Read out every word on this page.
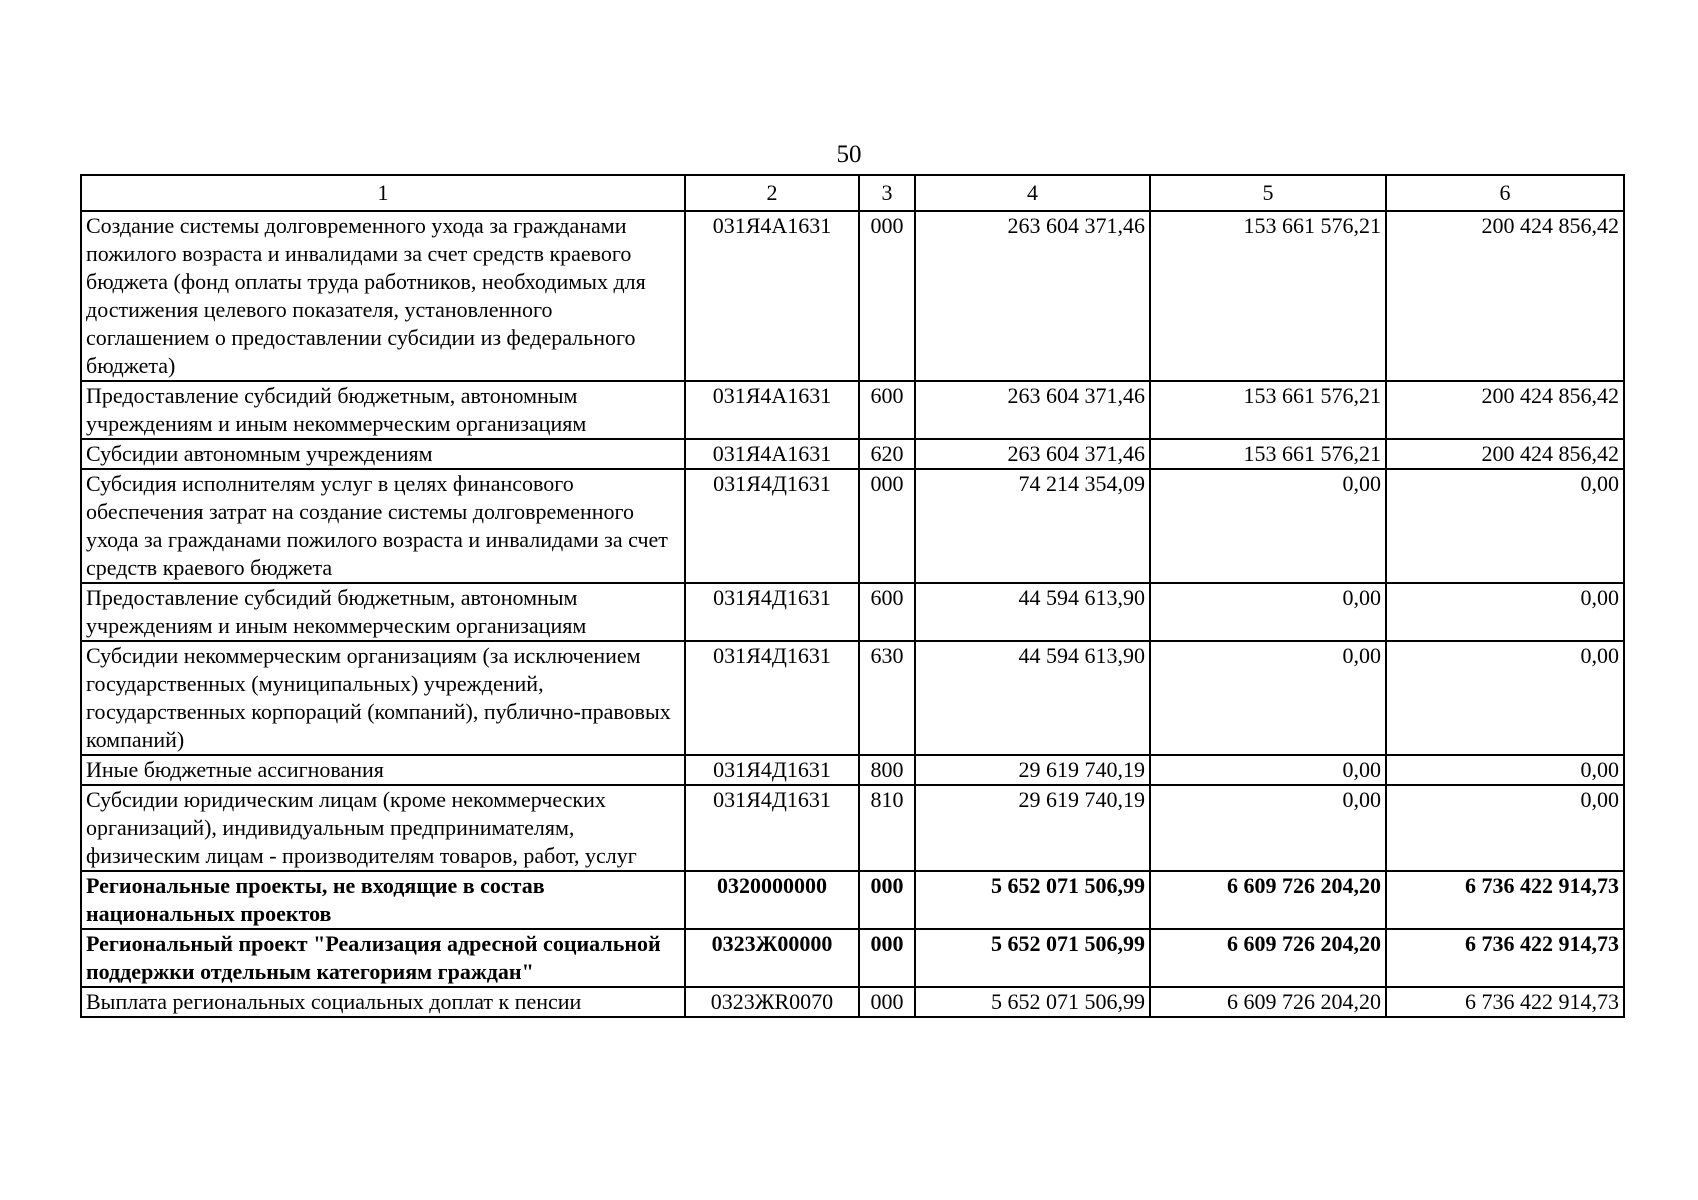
50
1	2	3	4	5	6
Создание системы долговременного ухода за гражданами пожилого возраста и инвалидами за счет средств краевого бюджета (фонд оплаты труда работников, необходимых для достижения целевого показателя, установленного соглашением о предоставлении субсидии из федерального бюджета)	031Я4А1631	000	263 604 371,46	153 661 576,21	200 424 856,42
Предоставление субсидий бюджетным, автономным учреждениям и иным некоммерческим организациям	031Я4А1631	600	263 604 371,46	153 661 576,21	200 424 856,42
Субсидии автономным учреждениям	031Я4А1631	620	263 604 371,46	153 661 576,21	200 424 856,42
Субсидия исполнителям услуг в целях финансового обеспечения затрат на создание системы долговременного ухода за гражданами пожилого возраста и инвалидами за счет средств краевого бюджета	031Я4Д1631	000	74 214 354,09	0,00	0,00
Предоставление субсидий бюджетным, автономным учреждениям и иным некоммерческим организациям	031Я4Д1631	600	44 594 613,90	0,00	0,00
Субсидии некоммерческим организациям (за исключением государственных (муниципальных) учреждений, государственных корпораций (компаний), публично-правовых компаний)	031Я4Д1631	630	44 594 613,90	0,00	0,00
Иные бюджетные ассигнования	031Я4Д1631	800	29 619 740,19	0,00	0,00
Субсидии юридическим лицам (кроме некоммерческих организаций), индивидуальным предпринимателям, физическим лицам - производителям товаров, работ, услуг	031Я4Д1631	810	29 619 740,19	0,00	0,00
Региональные проекты, не входящие в состав национальных проектов	0320000000	000	5 652 071 506,99	6 609 726 204,20	6 736 422 914,73
Региональный проект "Реализация адресной социальной поддержки отдельным категориям граждан"	0323Ж00000	000	5 652 071 506,99	6 609 726 204,20	6 736 422 914,73
Выплата региональных социальных доплат к пенсии	0323ЖR0070	000	5 652 071 506,99	6 609 726 204,20	6 736 422 914,73
